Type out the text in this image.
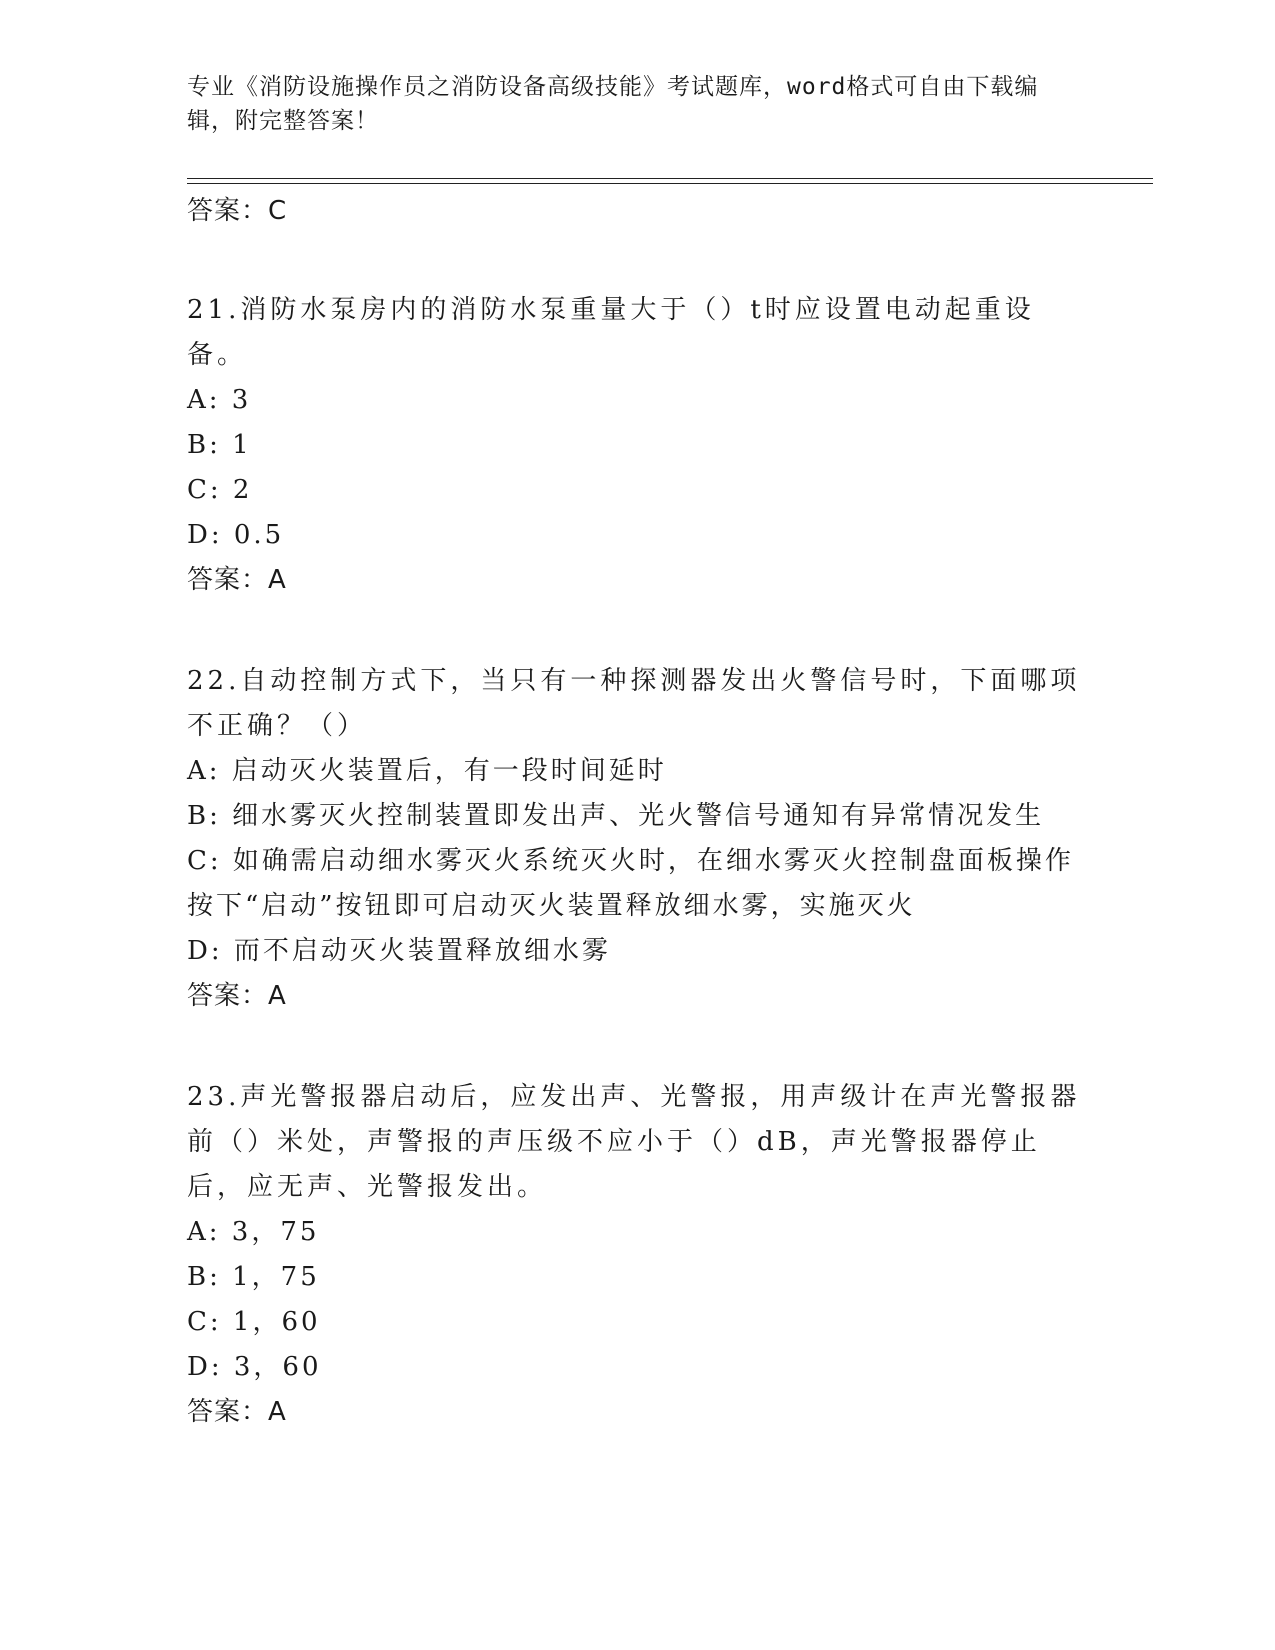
专业《消防设施操作员之消防设备高级技能》考试题库，word格式可自由下载编辑，附完整答案！
答案：C
21.消防水泵房内的消防水泵重量大于（）t时应设置电动起重设备。
A: 3
B: 1
C: 2
D: 0.5
答案：A
22.自动控制方式下，当只有一种探测器发出火警信号时，下面哪项不正确？（）
A: 启动灭火装置后，有一段时间延时
B: 细水雾灭火控制装置即发出声、光火警信号通知有异常情况发生
C: 如确需启动细水雾灭火系统灭火时，在细水雾灭火控制盘面板操作按下“启动”按钮即可启动灭火装置释放细水雾，实施灭火
D: 而不启动灭火装置释放细水雾
答案：A
23.声光警报器启动后，应发出声、光警报，用声级计在声光警报器前（）米处，声警报的声压级不应小于（）dB，声光警报器停止后，应无声、光警报发出。
A: 3，75
B: 1，75
C: 1，60
D: 3，60
答案：A
